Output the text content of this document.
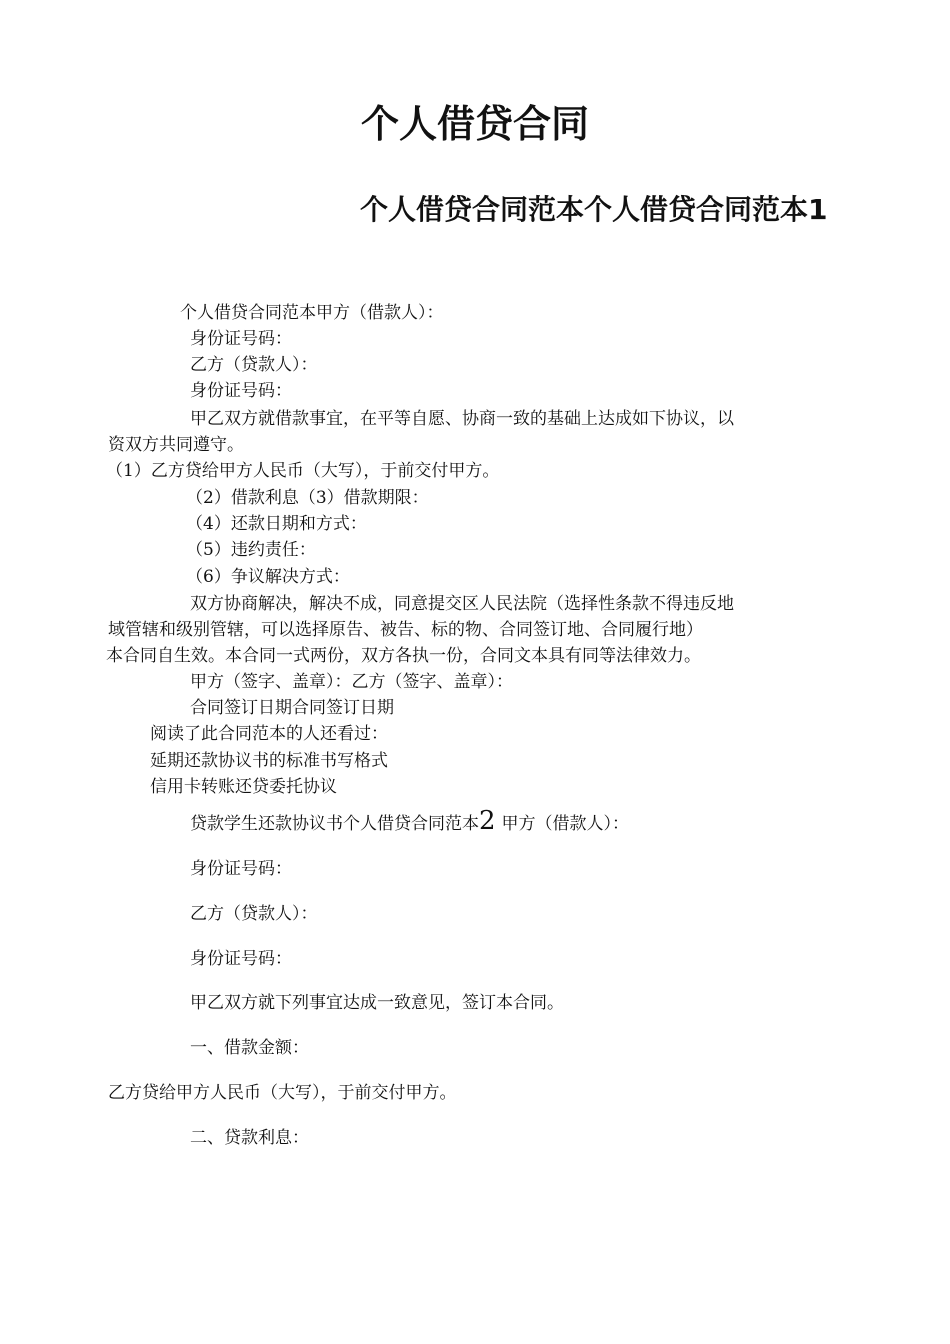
个人借贷合同
个人借贷合同范本个人借贷合同范本1

个人借贷合同范本甲方（借款人）：

身份证号码：

乙方（贷款人）：

身份证号码：

甲乙双方就借款事宜，在平等自愿、协商一致的基础上达成如下协议，以

资双方共同遵守。

（1）乙方贷给甲方人民币（大写），于前交付甲方。

（2）借款利息（3）借款期限：

（4）还款日期和方式：

（5）违约责任：

（6）争议解决方式：

双方协商解决，解决不成，同意提交区人民法院（选择性条款不得违反地

域管辖和级别管辖，可以选择原告、被告、标的物、合同签订地、合同履行地）

本合同自生效。本合同一式两份，双方各执一份，合同文本具有同等法律效力。

甲方（签字、盖章）：乙方（签字、盖章）：

合同签订日期合同签订日期

阅读了此合同范本的人还看过：

延期还款协议书的标准书写格式

信用卡转账还贷委托协议

贷款学生还款协议书个人借贷合同范本2 甲方（借款人）：

身份证号码：

乙方（贷款人）：

身份证号码：

甲乙双方就下列事宜达成一致意见，签订本合同。

一、借款金额：

乙方贷给甲方人民币（大写），于前交付甲方。

二、贷款利息：
